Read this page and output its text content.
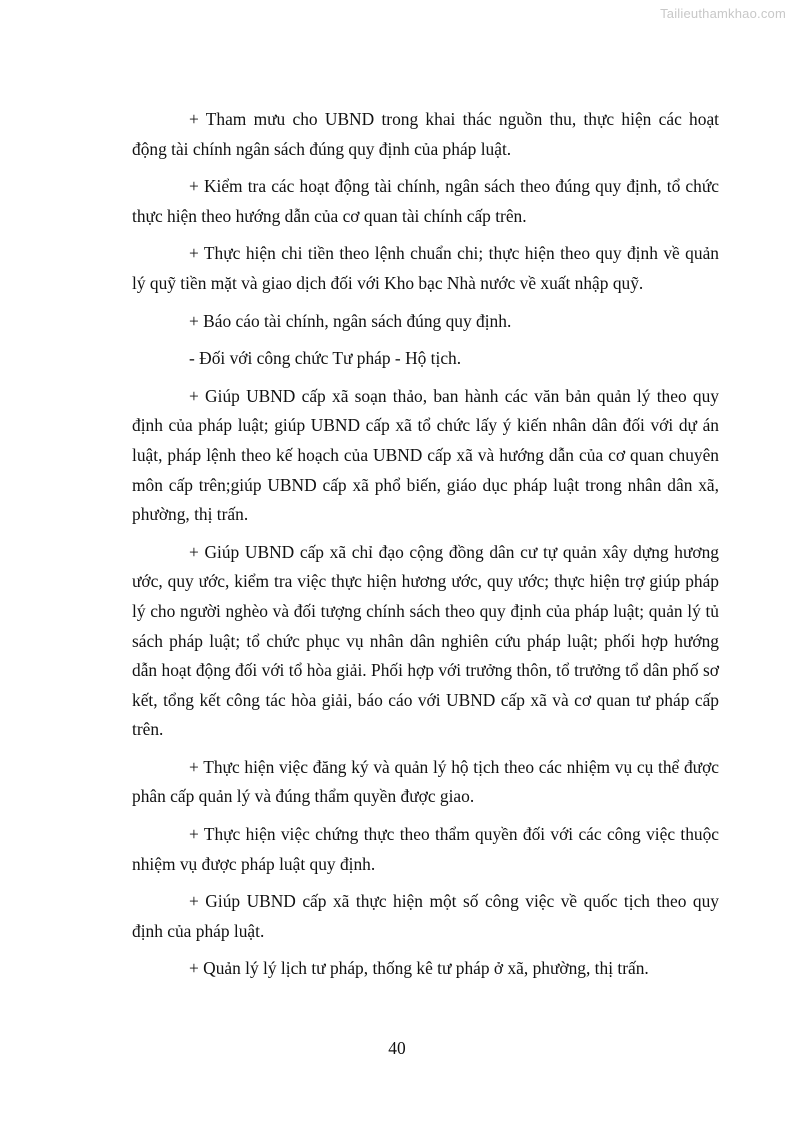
Tailieuthamkhao.com

+ Tham mưu cho UBND trong khai thác nguồn thu, thực hiện các hoạt động tài chính ngân sách đúng quy định của pháp luật.

+ Kiểm tra các hoạt động tài chính, ngân sách theo đúng quy định, tổ chức thực hiện theo hướng dẫn của cơ quan tài chính cấp trên.

+ Thực hiện chi tiền theo lệnh chuẩn chi; thực hiện theo quy định về quản lý quỹ tiền mặt và giao dịch đối với Kho bạc Nhà nước về xuất nhập quỹ.

+ Báo cáo tài chính, ngân sách đúng quy định.

- Đối với công chức Tư pháp - Hộ tịch.

+ Giúp UBND cấp xã soạn thảo, ban hành các văn bản quản lý theo quy định của pháp luật; giúp UBND cấp xã tổ chức lấy ý kiến nhân dân đối với dự án luật, pháp lệnh theo kế hoạch của UBND cấp xã và hướng dẫn của cơ quan chuyên môn cấp trên;giúp UBND cấp xã phổ biến, giáo dục pháp luật trong nhân dân xã, phường, thị trấn.

+ Giúp UBND cấp xã chỉ đạo cộng đồng dân cư tự quản xây dựng hương ước, quy ước, kiểm tra việc thực hiện hương ước, quy ước; thực hiện trợ giúp pháp lý cho người nghèo và đối tượng chính sách theo quy định của pháp luật; quản lý tủ sách pháp luật; tổ chức phục vụ nhân dân nghiên cứu pháp luật; phối hợp hướng dẫn hoạt động đối với tổ hòa giải. Phối hợp với trưởng thôn, tổ trưởng tổ dân phố sơ kết, tổng kết công tác hòa giải, báo cáo với UBND cấp xã và cơ quan tư pháp cấp trên.

+ Thực hiện việc đăng ký và quản lý hộ tịch theo các nhiệm vụ cụ thể được phân cấp quản lý và đúng thẩm quyền được giao.

+ Thực hiện việc chứng thực theo thẩm quyền đối với các công việc thuộc nhiệm vụ được pháp luật quy định.

+ Giúp UBND cấp xã thực hiện một số công việc về quốc tịch theo quy định của pháp luật.

+ Quản lý lý lịch tư pháp, thống kê tư pháp ở xã, phường, thị trấn.

40
